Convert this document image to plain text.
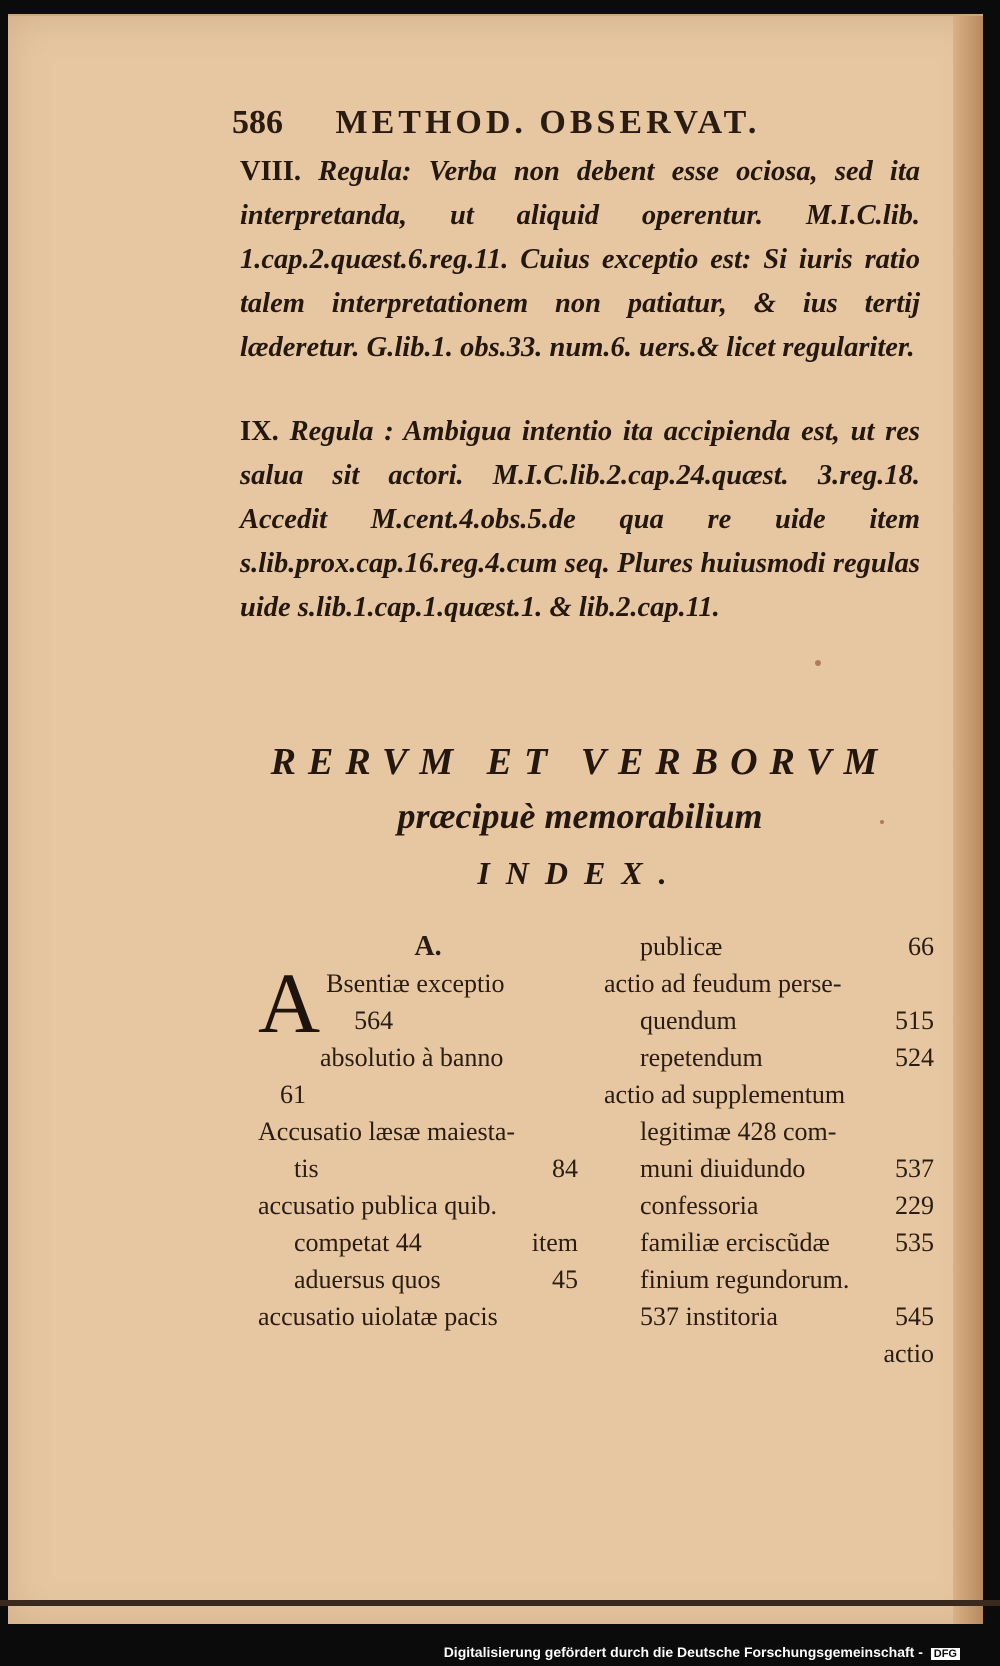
586 METHOD. OBSERVAT.
VIII. Regula: Verba non debent esse ociosa, sed ita interpretanda, ut aliquid operentur. M.I.C.lib. 1.cap.2.quæst.6.reg.11. Cuius exceptio est: Si iuris ratio talem interpretationem non patiatur, & ius tertij læderetur. G.lib.1. obs.33. num.6. uers.& licet regulariter.
IX. Regula : Ambigua intentio ita accipienda est, ut res salua sit actori. M.I.C.lib.2.cap.24.quæst. 3.reg.18. Accedit M.cent.4.obs.5.de qua re uide item s.lib.prox.cap.16.reg.4.cum seq. Plures huiusmodi regulas uide s.lib.1.cap.1.quæst.1. & lib.2.cap.11.
RERVM ET VERBORVM
præcipuè memorabilium
INDEX.
A.
A Bsentiæ exceptio
564
absolutio à banno
61
Accusatio læsæ maiesta-
tis	84
accusatio publica quib.
competat 44	item
aduersus quos	45
accusatio uiolatæ pacis
publicæ	66
actio ad feudum perse-
quendum	515
repetendum	524
actio ad supplementum
legitimæ 428 com-
muni diuidundo	537
confessoria	229
familiæ erciscũdæ	535
finium regundorum.
537 institoria	545
actio
Digitalisierung gefördert durch die Deutsche Forschungsgemeinschaft - DFG
